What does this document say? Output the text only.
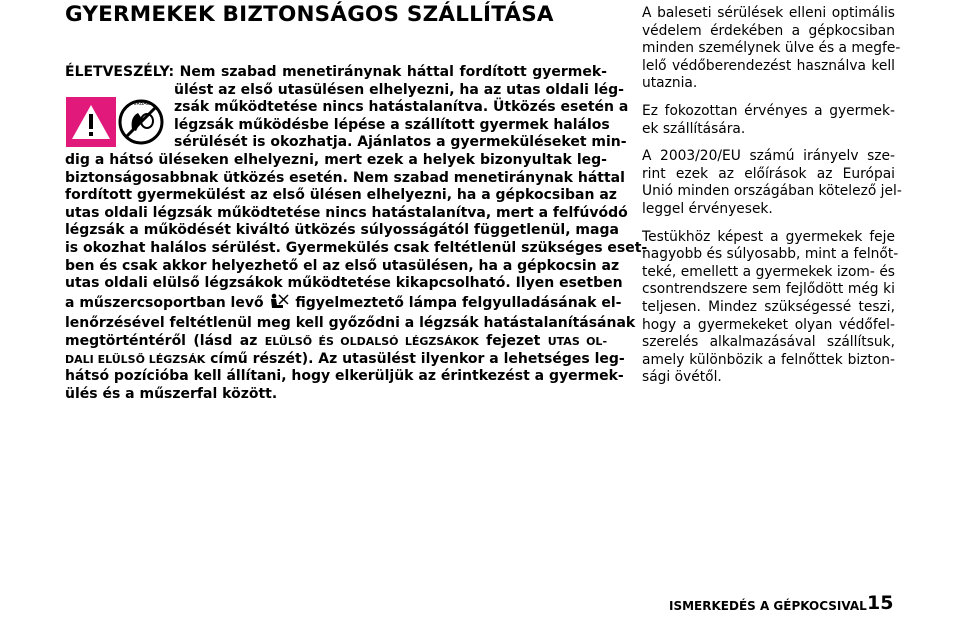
GYERMEKEK BIZTONSÁGOS SZÁLLÍTÁSA
AIRBAG
ÉLETVESZÉLY: Nem szabad menetiránynak háttal fordított gyermek-
ülést az első utasülésen elhelyezni, ha az utas oldali lég-
zsák működtetése nincs hatástalanítva. Ütközés esetén a
légzsák működésbe lépése a szállított gyermek halálos
sérülését is okozhatja. Ajánlatos a gyermeküléseket min-
dig a hátsó üléseken elhelyezni, mert ezek a helyek bizonyultak leg-
biztonságosabbnak ütközés esetén. Nem szabad menetiránynak háttal
fordított gyermekülést az első ülésen elhelyezni, ha a gépkocsiban az
utas oldali légzsák működtetése nincs hatástalanítva, mert a felfúvódó
légzsák a működését kiváltó ütközés súlyosságától függetlenül, maga
is okozhat halálos sérülést. Gyermekülés csak feltétlenül szükséges eset-
ben és csak akkor helyezhető el az első utasülésen, ha a gépkocsin az
utas oldali elülső légzsákok működtetése kikapcsolható. Ilyen esetben
a műszercsoportban levő figyelmeztető lámpa felgyulladásának el-
lenőrzésével feltétlenül meg kell győződni a légzsák hatástalanításának
megtörténtéről (lásd az ELÜLSŐ ÉS OLDALSÓ LÉGZSÁKOK fejezet UTAS OL-
DALI ELÜLSŐ LÉGZSÁK című részét). Az utasülést ilyenkor a lehetséges leg-
hátsó pozícióba kell állítani, hogy elkerüljük az érintkezést a gyermek-
ülés és a műszerfal között.

A baleseti sérülések elleni optimális
védelem érdekében a gépkocsiban
minden személynek ülve és a megfe-
lelő védőberendezést használva kell
utaznia.

Ez fokozottan érvényes a gyermek-
ek szállítására.

A 2003/20/EU számú irányelv sze-
rint ezek az előírások az Európai
Unió minden országában kötelező jel-
leggel érvényesek.

Testükhöz képest a gyermekek feje
nagyobb és súlyosabb, mint a felnőt-
teké, emellett a gyermekek izom- és
csontrendszere sem fejlődött még ki
teljesen. Mindez szükségessé teszi,
hogy a gyermekeket olyan védőfel-
szerelés alkalmazásával szállítsuk,
amely különbözik a felnőttek bizton-
sági övétől.

ISMERKEDÉS A GÉPKOCSIVAL 15
